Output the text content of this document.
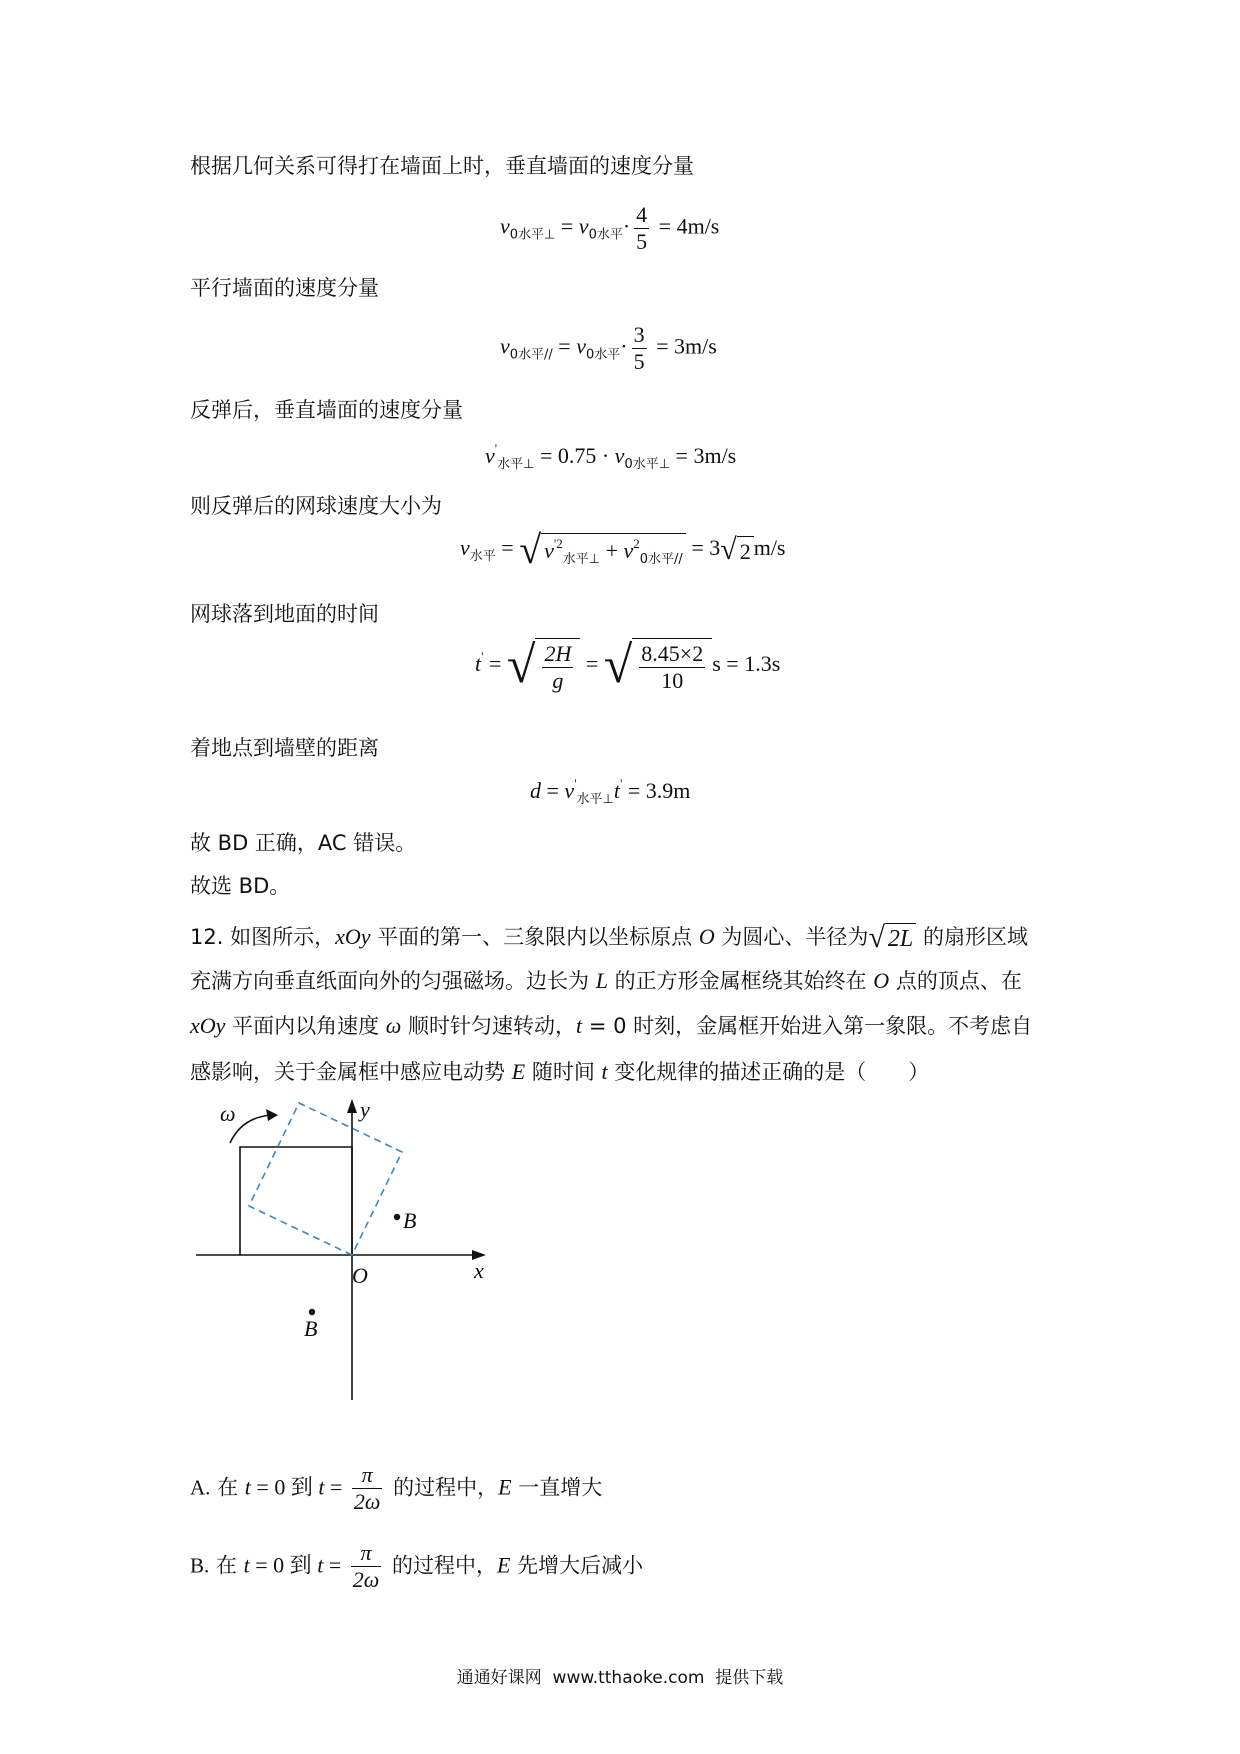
根据几何关系可得打在墙面上时，垂直墙面的速度分量
$v_{0水平\perp} = v_{0水平}\cdot \frac{4}{5} = 4m/s$
平行墙面的速度分量
$v_{0水平//} = v_{0水平}\cdot \frac{3}{5} = 3m/s$
反弹后，垂直墙面的速度分量
$v'_{水平\perp} = 0.75 \cdot v_{0水平\perp} = 3m/s$
则反弹后的网球速度大小为
$v_{水平}$ = √ $v^{'2}_{水平\perp} + v^2_{0水平//} = 3√$ 2 m/s
网球落到地面的时间
t' = √ $\frac{2H}{g}$ = √ $\frac{8.45\times 2}{10}$ s = 1.3s
着地点到墙壁的距离
$d = v'_{水平\perp}t' = 3.9m$
故 BD 正确，AC 错误。
故选 BD。
12. 如图所示，xOy 平面的第一、三象限内以坐标原点 O 为圆心、半径为√ 2L 的扇形区域
充满方向垂直纸面向外的匀强磁场。边长为 L 的正方形金属框绕其始终在 O 点的顶点、在
xOy 平面内以角速度 ω 顺时针匀速转动，t = 0 时刻，金属框开始进入第一象限。不考虑自
感影响，关于金属框中感应电动势 E 随时间 t 变化规律的描述正确的是（　　）
ω	y
x
O
B
B
A. 在 t = 0 到 $t = \frac{\pi}{2\omega}$ 的过程中，E 一直增大
B. 在 t = 0 到 $t = \frac{\pi}{2\omega}$ 的过程中，E 先增大后减小
通通好课网 www.tthaoke.com 提供下载
